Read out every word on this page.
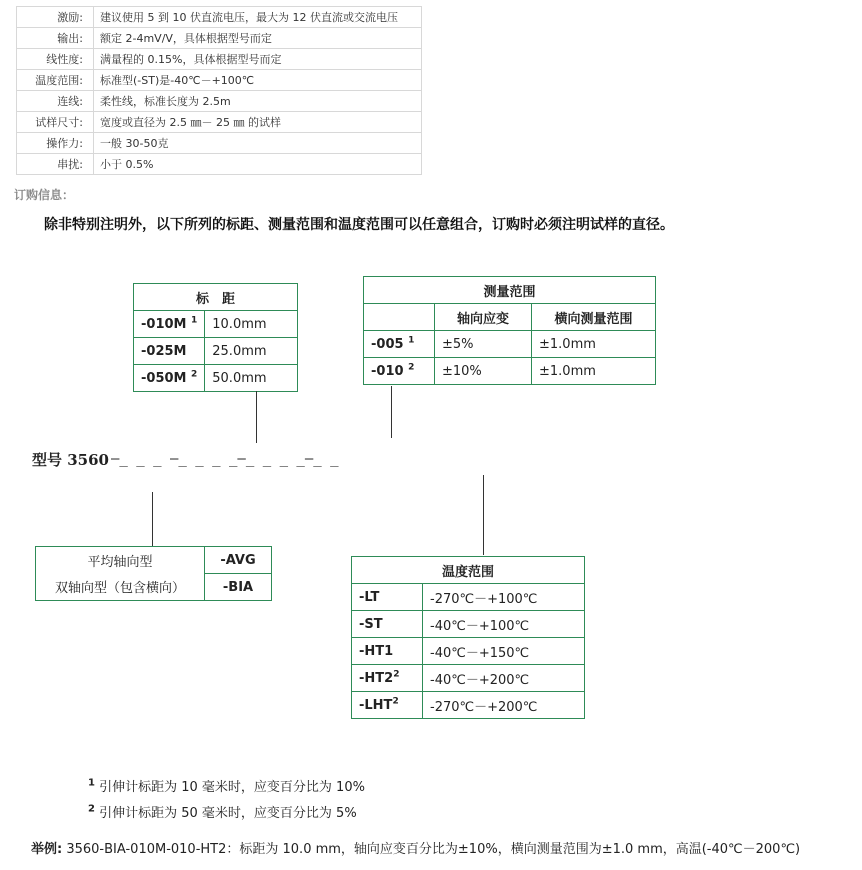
激励:	建议使用 5 到 10 伏直流电压，最大为 12 伏直流或交流电压
输出:	额定 2-4mV/V，具体根据型号而定
线性度:	满量程的 0.15%，具体根据型号而定
温度范围:	标准型(-ST)是-40℃－+100℃
连线:	柔性线，标准长度为 2.5m
试样尺寸:	宽度或直径为 2.5 ㎜－ 25 ㎜ 的试样
操作力:	一般 30-50克
串扰:	小于 0.5%
订购信息：
除非特别注明外，以下所列的标距、测量范围和温度范围可以任意组合，订购时必须注明试样的直径。
标　距	
-010M $^1$	10.0mm
-025M	25.0mm
-050M $^2$	50.0mm
测量范围		
	轴向应变	横向测量范围
-005 $^1$	±5%	±1.0mm
-010 $^2$	±10%	±1.0mm
型号 3560 —_ _ _ —_ _ _ _—_ _ _ _—_ _
平均轴向型	-AVG
双轴向型（包含横向）	-BIA
温度范围	
-LT	-270℃－+100℃
-ST	-40℃－+100℃
-HT1	-40℃－+150℃
$-HT2^2$	-40℃－+200℃
-LHT$^2$	-270℃－+200℃
$^1$ 引伸计标距为 10 毫米时，应变百分比为 10%
$^2$ 引伸计标距为 50 毫米时，应变百分比为 5%
举例: 3560-BIA-010M-010-HT2：标距为 10.0 mm，轴向应变百分比为±10%，横向测量范围为±1.0 mm，高温(-40℃－200℃)
